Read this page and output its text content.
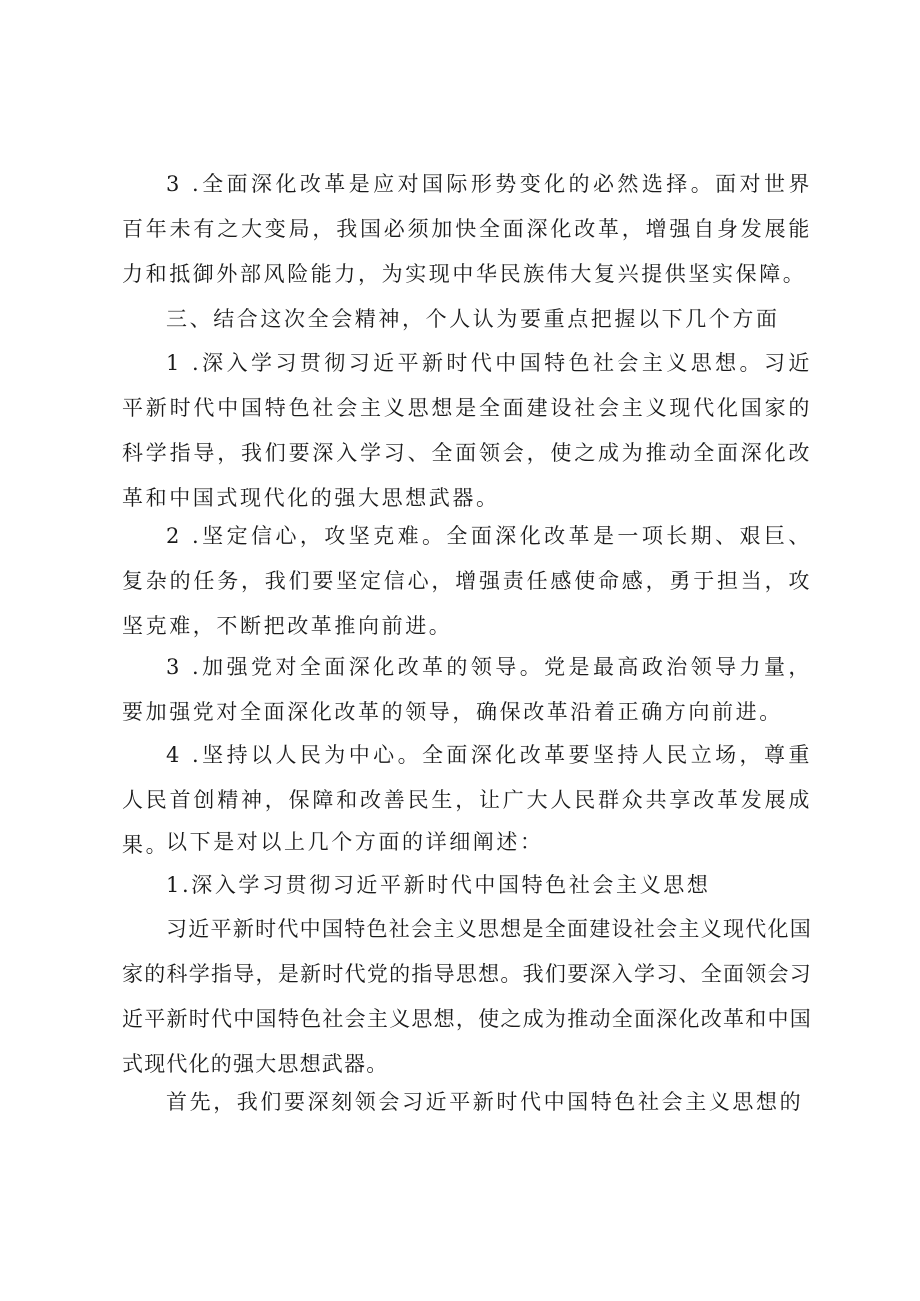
3 .全面深化改革是应对国际形势变化的必然选择。面对世界百年未有之大变局，我国必须加快全面深化改革，增强自身发展能力和抵御外部风险能力，为实现中华民族伟大复兴提供坚实保障。

三、结合这次全会精神，个人认为要重点把握以下几个方面

1 .深入学习贯彻习近平新时代中国特色社会主义思想。习近平新时代中国特色社会主义思想是全面建设社会主义现代化国家的科学指导，我们要深入学习、全面领会，使之成为推动全面深化改革和中国式现代化的强大思想武器。

2 .坚定信心，攻坚克难。全面深化改革是一项长期、艰巨、复杂的任务，我们要坚定信心，增强责任感使命感，勇于担当，攻坚克难，不断把改革推向前进。

3 .加强党对全面深化改革的领导。党是最高政治领导力量，要加强党对全面深化改革的领导，确保改革沿着正确方向前进。

4 .坚持以人民为中心。全面深化改革要坚持人民立场，尊重人民首创精神，保障和改善民生，让广大人民群众共享改革发展成果。

以下是对以上几个方面的详细阐述：

1.深入学习贯彻习近平新时代中国特色社会主义思想

习近平新时代中国特色社会主义思想是全面建设社会主义现代化国家的科学指导，是新时代党的指导思想。我们要深入学习、全面领会习近平新时代中国特色社会主义思想，使之成为推动全面深化改革和中国式现代化的强大思想武器。

首先，我们要深刻领会习近平新时代中国特色社会主义思想的
